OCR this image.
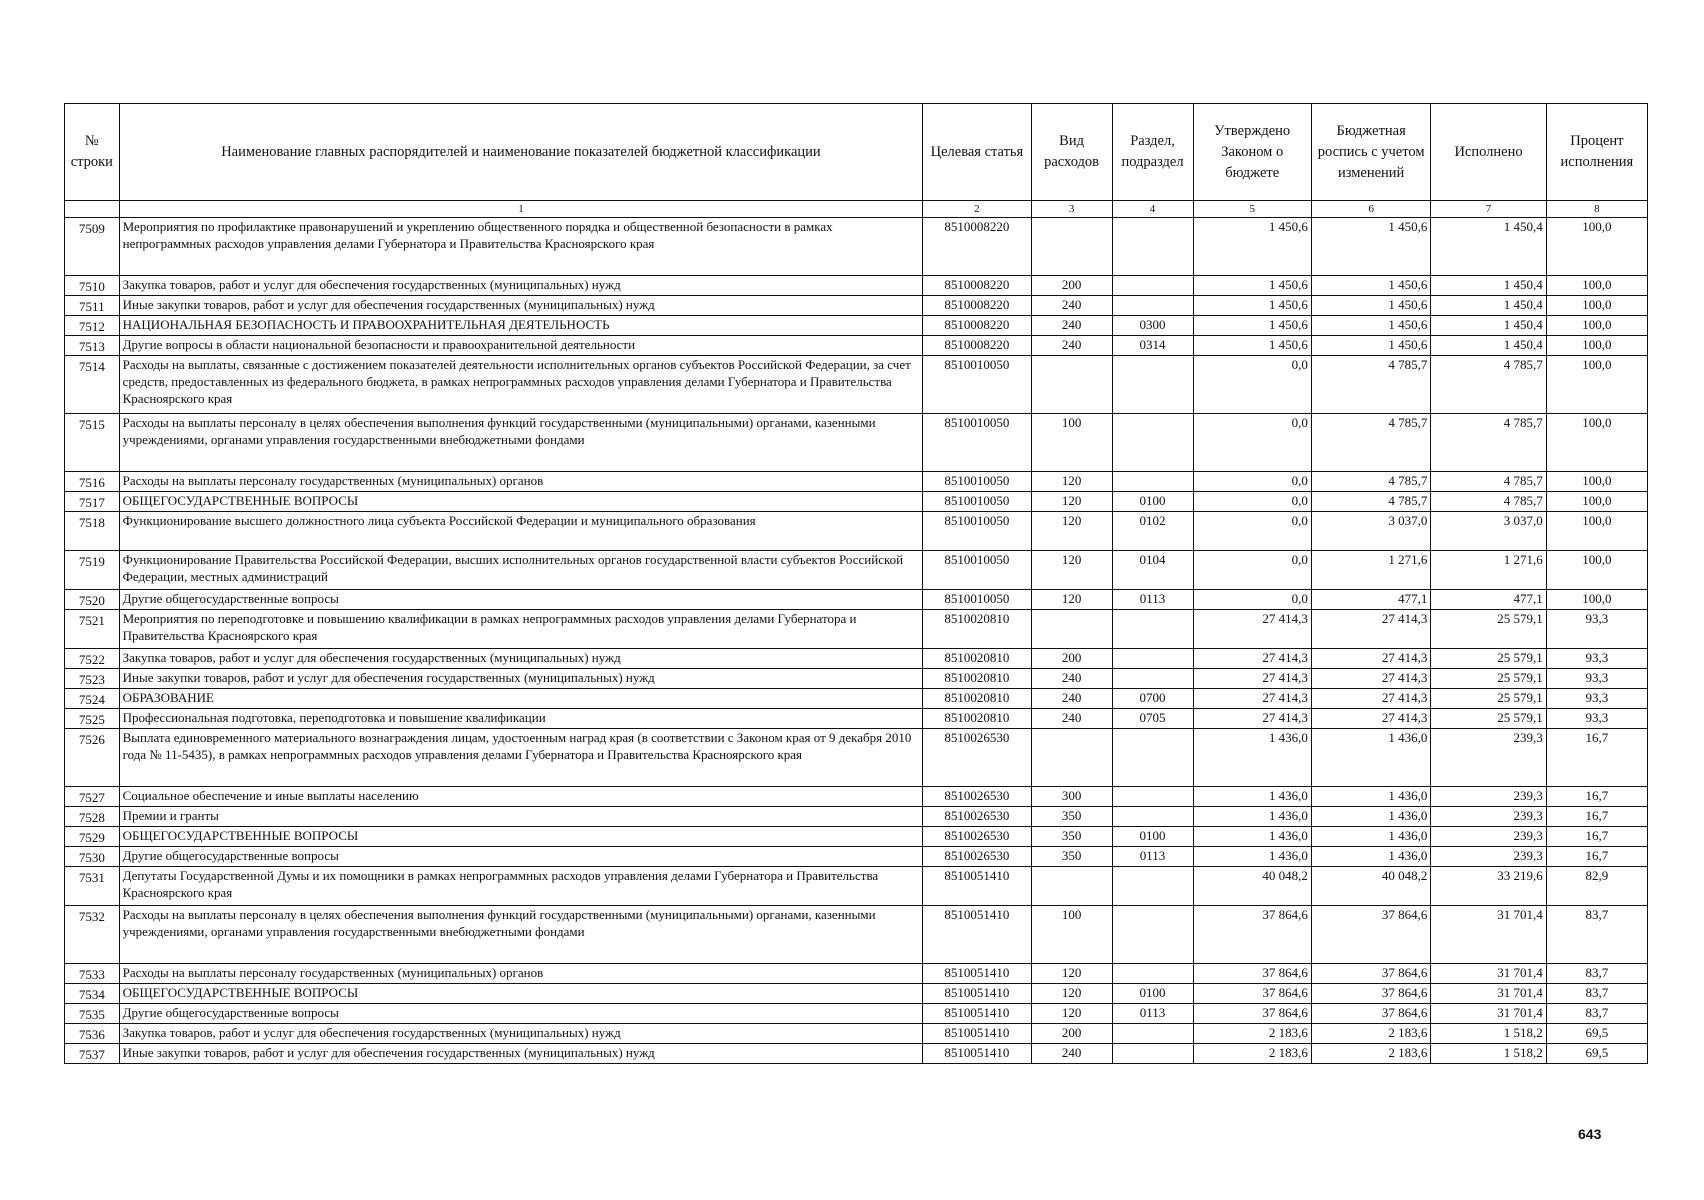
№ строки	Наименование главных распорядителей и наименование показателей бюджетной классификации	Целевая статья	Вид расходов	Раздел, подраздел	Утверждено Законом о бюджете	Бюджетная роспись с учетом изменений	Исполнено	Процент исполнения
	1	2	3	4	5	6	7	8
7509	Мероприятия по профилактике правонарушений и укреплению общественного порядка и общественной безопасности в рамках непрограммных расходов управления делами Губернатора и Правительства Красноярского края	8510008220			1 450,6	1 450,6	1 450,4	100,0
7510	Закупка товаров, работ и услуг для обеспечения государственных (муниципальных) нужд	8510008220	200		1 450,6	1 450,6	1 450,4	100,0
7511	Иные закупки товаров, работ и услуг для обеспечения государственных (муниципальных) нужд	8510008220	240		1 450,6	1 450,6	1 450,4	100,0
7512	НАЦИОНАЛЬНАЯ БЕЗОПАСНОСТЬ И ПРАВООХРАНИТЕЛЬНАЯ ДЕЯТЕЛЬНОСТЬ	8510008220	240	0300	1 450,6	1 450,6	1 450,4	100,0
7513	Другие вопросы в области национальной безопасности и правоохранительной деятельности	8510008220	240	0314	1 450,6	1 450,6	1 450,4	100,0
7514	Расходы на выплаты, связанные с достижением показателей деятельности исполнительных органов субъектов Российской Федерации, за счет средств, предоставленных из федерального бюджета, в рамках непрограммных расходов управления делами Губернатора и Правительства Красноярского края	8510010050			0,0	4 785,7	4 785,7	100,0
7515	Расходы на выплаты персоналу в целях обеспечения выполнения функций государственными (муниципальными) органами, казенными учреждениями, органами управления государственными внебюджетными фондами	8510010050	100		0,0	4 785,7	4 785,7	100,0
7516	Расходы на выплаты персоналу государственных (муниципальных) органов	8510010050	120		0,0	4 785,7	4 785,7	100,0
7517	ОБЩЕГОСУДАРСТВЕННЫЕ ВОПРОСЫ	8510010050	120	0100	0,0	4 785,7	4 785,7	100,0
7518	Функционирование высшего должностного лица субъекта Российской Федерации и муниципального образования	8510010050	120	0102	0,0	3 037,0	3 037,0	100,0
7519	Функционирование Правительства Российской Федерации, высших исполнительных органов государственной власти субъектов Российской Федерации, местных администраций	8510010050	120	0104	0,0	1 271,6	1 271,6	100,0
7520	Другие общегосударственные вопросы	8510010050	120	0113	0,0	477,1	477,1	100,0
7521	Мероприятия по переподготовке и повышению квалификации в рамках непрограммных расходов управления делами Губернатора и Правительства Красноярского края	8510020810			27 414,3	27 414,3	25 579,1	93,3
7522	Закупка товаров, работ и услуг для обеспечения государственных (муниципальных) нужд	8510020810	200		27 414,3	27 414,3	25 579,1	93,3
7523	Иные закупки товаров, работ и услуг для обеспечения государственных (муниципальных) нужд	8510020810	240		27 414,3	27 414,3	25 579,1	93,3
7524	ОБРАЗОВАНИЕ	8510020810	240	0700	27 414,3	27 414,3	25 579,1	93,3
7525	Профессиональная подготовка, переподготовка и повышение квалификации	8510020810	240	0705	27 414,3	27 414,3	25 579,1	93,3
7526	Выплата единовременного материального вознаграждения лицам, удостоенным наград края (в соответствии с Законом края от 9 декабря 2010 года № 11-5435), в рамках непрограммных расходов управления делами Губернатора и Правительства Красноярского края	8510026530			1 436,0	1 436,0	239,3	16,7
7527	Социальное обеспечение и иные выплаты населению	8510026530	300		1 436,0	1 436,0	239,3	16,7
7528	Премии и гранты	8510026530	350		1 436,0	1 436,0	239,3	16,7
7529	ОБЩЕГОСУДАРСТВЕННЫЕ ВОПРОСЫ	8510026530	350	0100	1 436,0	1 436,0	239,3	16,7
7530	Другие общегосударственные вопросы	8510026530	350	0113	1 436,0	1 436,0	239,3	16,7
7531	Депутаты Государственной Думы и их помощники в рамках непрограммных расходов управления делами Губернатора и Правительства Красноярского края	8510051410			40 048,2	40 048,2	33 219,6	82,9
7532	Расходы на выплаты персоналу в целях обеспечения выполнения функций государственными (муниципальными) органами, казенными учреждениями, органами управления государственными внебюджетными фондами	8510051410	100		37 864,6	37 864,6	31 701,4	83,7
7533	Расходы на выплаты персоналу государственных (муниципальных) органов	8510051410	120		37 864,6	37 864,6	31 701,4	83,7
7534	ОБЩЕГОСУДАРСТВЕННЫЕ ВОПРОСЫ	8510051410	120	0100	37 864,6	37 864,6	31 701,4	83,7
7535	Другие общегосударственные вопросы	8510051410	120	0113	37 864,6	37 864,6	31 701,4	83,7
7536	Закупка товаров, работ и услуг для обеспечения государственных (муниципальных) нужд	8510051410	200		2 183,6	2 183,6	1 518,2	69,5
7537	Иные закупки товаров, работ и услуг для обеспечения государственных (муниципальных) нужд	8510051410	240		2 183,6	2 183,6	1 518,2	69,5
643
